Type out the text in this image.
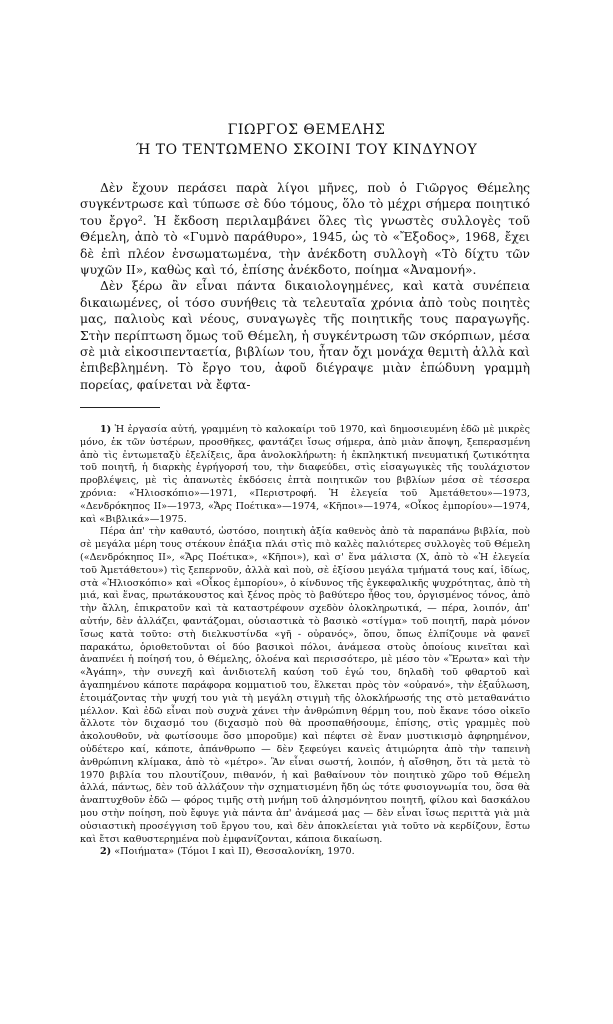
ΓΙΩΡΓΟΣ ΘΕΜΕΛΗΣ
Ή ΤΟ ΤΕΝΤΩΜΕΝΟ ΣΚΟΙΝΙ ΤΟΥ ΚΙΝΔΥΝΟΥ

Δὲν ἔχουν περάσει παρὰ λίγοι μῆνες, ποὺ ὁ Γιῶργος Θέμελης συγκέντρωσε καὶ τύπωσε σὲ δύο τόμους, ὅλο τὸ μέχρι σήμερα ποιητικό του ἔργο². Ἡ ἔκδοση περιλαμβάνει ὅλες τὶς γνωστὲς συλλογὲς τοῦ Θέμελη, ἀπὸ τὸ «Γυμνὸ παράθυρο», 1945, ὡς τὸ «Ἔξοδος», 1968, ἔχει δὲ ἐπὶ πλέον ἐνσωματωμένα, τὴν ἀνέκδοτη συλλογὴ «Τὸ δίχτυ τῶν ψυχῶν ΙΙ», καθὼς καὶ τό, ἐπίσης ἀνέκδοτο, ποίημα «Ἀναμονή».

Δὲν ξέρω ἂν εἶναι πάντα δικαιολογημένες, καὶ κατὰ συνέπεια δικαιωμένες, οἱ τόσο συνήθεις τὰ τελευταῖα χρόνια ἀπὸ τοὺς ποιητὲς μας, παλιοὺς καὶ νέους, συναγωγὲς τῆς ποιητικῆς τους παραγωγῆς. Στὴν περίπτωση ὅμως τοῦ Θέμελη, ἡ συγκέντρωση τῶν σκόρπιων, μέσα σὲ μιὰ εἰκοσιπενταετία, βιβλίων του, ἦταν ὄχι μονάχα θεμιτὴ ἀλλὰ καὶ ἐπιβεβλημένη. Τὸ ἔργο του, ἀφοῦ διέγραψε μιὰν ἐπώδυνη γραμμὴ πορείας, φαίνεται νὰ ἔφτα-

1) Ἡ ἐργασία αὐτή, γραμμένη τὸ καλοκαίρι τοῦ 1970, καὶ δημοσιευμένη ἐδῶ μὲ μικρὲς μόνο, ἐκ τῶν ὑστέρων, προσθῆκες, φαντάζει ἴσως σήμερα, ἀπὸ μιὰν ἄποψη, ξεπερασμένη ἀπὸ τὶς ἐντωμεταξὺ ἐξελίξεις, ἄρα ἀνολοκλήρωτη: ἡ ἐκπληκτική πνευματική ζωτικότητα τοῦ ποιητῆ, ἡ διαρκὴς ἐγρήγορσή του, τὴν διαφεύδει, στὶς εἰσαγωγικὲς τῆς τουλάχιστον προβλέψεις, μὲ τὶς ἀπανωτὲς ἐκδόσεις ἑπτὰ ποιητικῶν του βιβλίων μέσα σὲ τέσσερα χρόνια: «Ἡλιοσκόπιο»—1971, «Περιστροφή. Ἡ ἐλεγεία τοῦ Ἀμετάθετου»—1973, «Δενδρόκηπος ΙΙ»—1973, «Ἄρς Ποέτικα»—1974, «Κῆποι»—1974, «Οἶκος ἐμπορίου»—1974, καὶ «Βιβλικά»—1975.

Πέρα ἀπ' τὴν καθαυτό, ὡστόσο, ποιητικὴ ἀξία καθενὸς ἀπὸ τὰ παραπάνω βιβλία, ποὺ σὲ μεγάλα μέρη τους στέκουν ἐπάξια πλάι στὶς πιὸ καλὲς παλιότερες συλλογὲς τοῦ Θέμελη («Δενδρόκηπος ΙΙ», «Ἄρς Ποέτικα», «Κῆποι»), καὶ σ' ἕνα μάλιστα (Χ, ἀπὸ τὸ «Ἡ ἐλεγεία τοῦ Ἀμετάθετου») τὶς ξεπερνοῦν, ἀλλὰ καὶ ποὺ, σὲ ἐξίσου μεγάλα τμήματά τους καί, ἰδίως, στὰ «Ἡλιοσκόπιο» καὶ «Οἶκος ἐμπορίου», ὁ κίνδυνος τῆς ἐγκεφαλικῆς ψυχρότητας, ἀπὸ τὴ μιά, καὶ ἕνας, πρωτάκουστος καὶ ξένος πρὸς τὸ βαθύτερο ἦθος του, ὀργισμένος τόνος, ἀπὸ τὴν ἄλλη, ἐπικρατοῦν καὶ τὰ καταστρέφουν σχεδὸν ὁλοκληρωτικά, — πέρα, λοιπόν, ἀπ' αὐτήν, δὲν ἀλλάζει, φαντάζομαι, οὐσιαστικὰ τὸ βασικὸ «στίγμα» τοῦ ποιητῆ, παρὰ μόνον ἴσως κατὰ τοῦτο: στὴ διελκυστίνδα «γῆ - οὐρανός», ὅπου, ὅπως ἐλπίζουμε νὰ φανεῖ παρακάτω, ὁριοθετοῦνται οἱ δύο βασικοὶ πόλοι, ἀνάμεσα στοὺς ὁποίους κινεῖται καὶ ἀναπνέει ἡ ποίησή του, ὁ Θέμελης, ὁλοένα καὶ περισσότερο, μὲ μέσο τὸν «Ἔρωτα» καὶ τὴν «Ἀγάπη», τὴν συνεχῆ καὶ ἀνιδιοτελῆ καύση τοῦ ἐγώ του, δηλαδὴ τοῦ φθαρτοῦ καὶ ἀγαπημένου κάποτε παράφορα κομματιοῦ του, ἕλκεται πρὸς τὸν «οὐρανό», τὴν ἐξαΰλωση, ἑτοιμάζοντας τὴν ψυχή του γιὰ τὴ μεγάλη στιγμὴ τῆς ὁλοκλήρωσής της στὸ μεταθανάτιο μέλλον. Καὶ ἐδῶ εἶναι ποὺ συχνὰ χάνει τὴν ἀνθρώπινη θέρμη του, ποὺ ἔκανε τόσο οἰκεῖο ἄλλοτε τὸν διχασμό του (διχασμὸ ποὺ θὰ προσπαθήσουμε, ἐπίσης, στὶς γραμμὲς ποὺ ἀκολουθοῦν, νὰ φωτίσουμε ὅσο μποροῦμε) καὶ πέφτει σὲ ἕναν μυστικισμὸ ἀφηρημένον, οὐδέτερο καί, κάποτε, ἀπάνθρωπο — δὲν ξεφεύγει κανεὶς ἀτιμώρητα ἀπὸ τὴν ταπεινὴ ἀνθρώπινη κλίμακα, ἀπὸ τὸ «μέτρο». Ἂν εἶναι σωστή, λοιπόν, ἡ αἴσθηση, ὅτι τὰ μετὰ τὸ 1970 βιβλία του πλουτίζουν, πιθανόν, ἡ καὶ βαθαίνουν τὸν ποιητικὸ χῶρο τοῦ Θέμελη ἀλλά, πάντως, δὲν τοῦ ἀλλάζουν τὴν σχηματισμένη ἤδη ὡς τότε φυσιογνωμία του, ὅσα θὰ ἀναπτυχθοῦν ἐδῶ — φόρος τιμῆς στὴ μνήμη τοῦ ἀλησμόνητου ποιητῆ, φίλου καὶ δασκάλου μου στὴν ποίηση, ποὺ ἔφυγε γιὰ πάντα ἀπ' ἀνάμεσά μας — δὲν εἶναι ἴσως περιττὰ γιὰ μιὰ οὐσιαστικὴ προσέγγιση τοῦ ἔργου του, καὶ δὲν ἀποκλείεται γιὰ τοῦτο νὰ κερδίζουν, ἔστω καὶ ἔτσι καθυστερημένα ποὺ ἐμφανίζονται, κάποια δικαίωση.

2) «Ποιήματα» (Τόμοι Ι καὶ ΙΙ), Θεσσαλονίκη, 1970.
